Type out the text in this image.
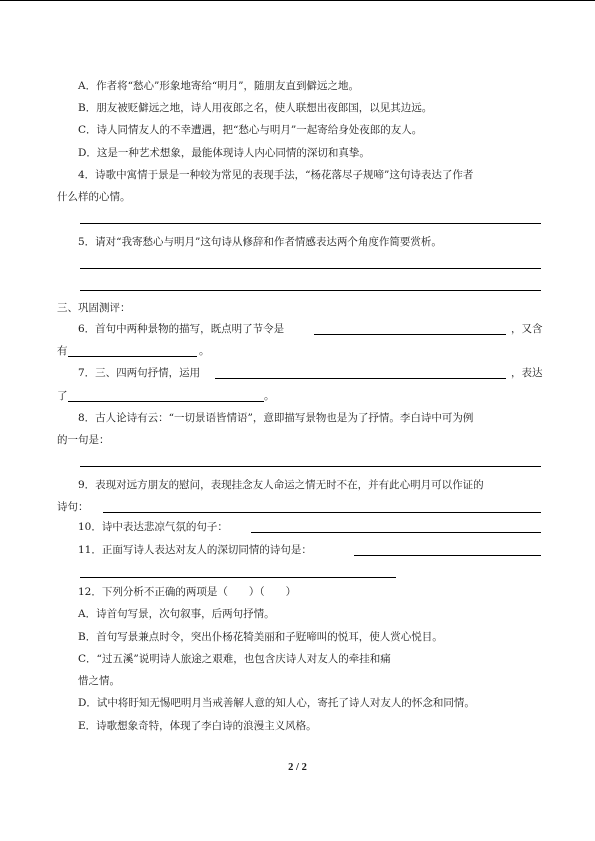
A．作者将“愁心”形象地寄给“明月”，随朋友直到僻远之地。
B．朋友被贬僻远之地，诗人用夜郎之名，使人联想出夜郎国，以见其边远。
C．诗人同情友人的不幸遭遇，把“愁心与明月”一起寄给身处夜郎的友人。
D．这是一种艺术想象，最能体现诗人内心同情的深切和真挚。
4．诗歌中寓情于景是一种较为常见的表现手法，“杨花落尽子规啼”这句诗表达了作者
什么样的心情。
5．请对“我寄愁心与明月”这句诗从修辞和作者情感表达两个角度作简要赏析。
三、巩固测评：
6．首句中两种景物的描写，既点明了节令是	，又含
有	。
7．三、四两句抒情，运用	，表达
了	。
8．古人论诗有云：“一切景语皆情语”，意即描写景物也是为了抒情。李白诗中可为例
的一句是：
9．表现对远方朋友的慰问，表现挂念友人命运之情无时不在，并有此心明月可以作证的
诗句：
10．诗中表达悲凉气氛的句子：
11．正面写诗人表达对友人的深切同情的诗句是：
12．下列分析不正确的两项是（　　）（　　）
A．诗首句写景，次句叙事，后两句抒情。
B．首句写景兼点时令，突出仆杨花犄美丽和子觃啼叫的悦耳，使人赏心悦目。
C．“过五溪”说明诗人旅途之艰难，也包含庆诗人对友人的牵挂和痛
惜之情。
D．试中将盱知无惕吧明月当戒善解人意的知人心，寄托了诗人对友人的怀念和同情。
E．诗歌想象奇特，体现了李白诗的浪漫主义风格。
2 / 2
